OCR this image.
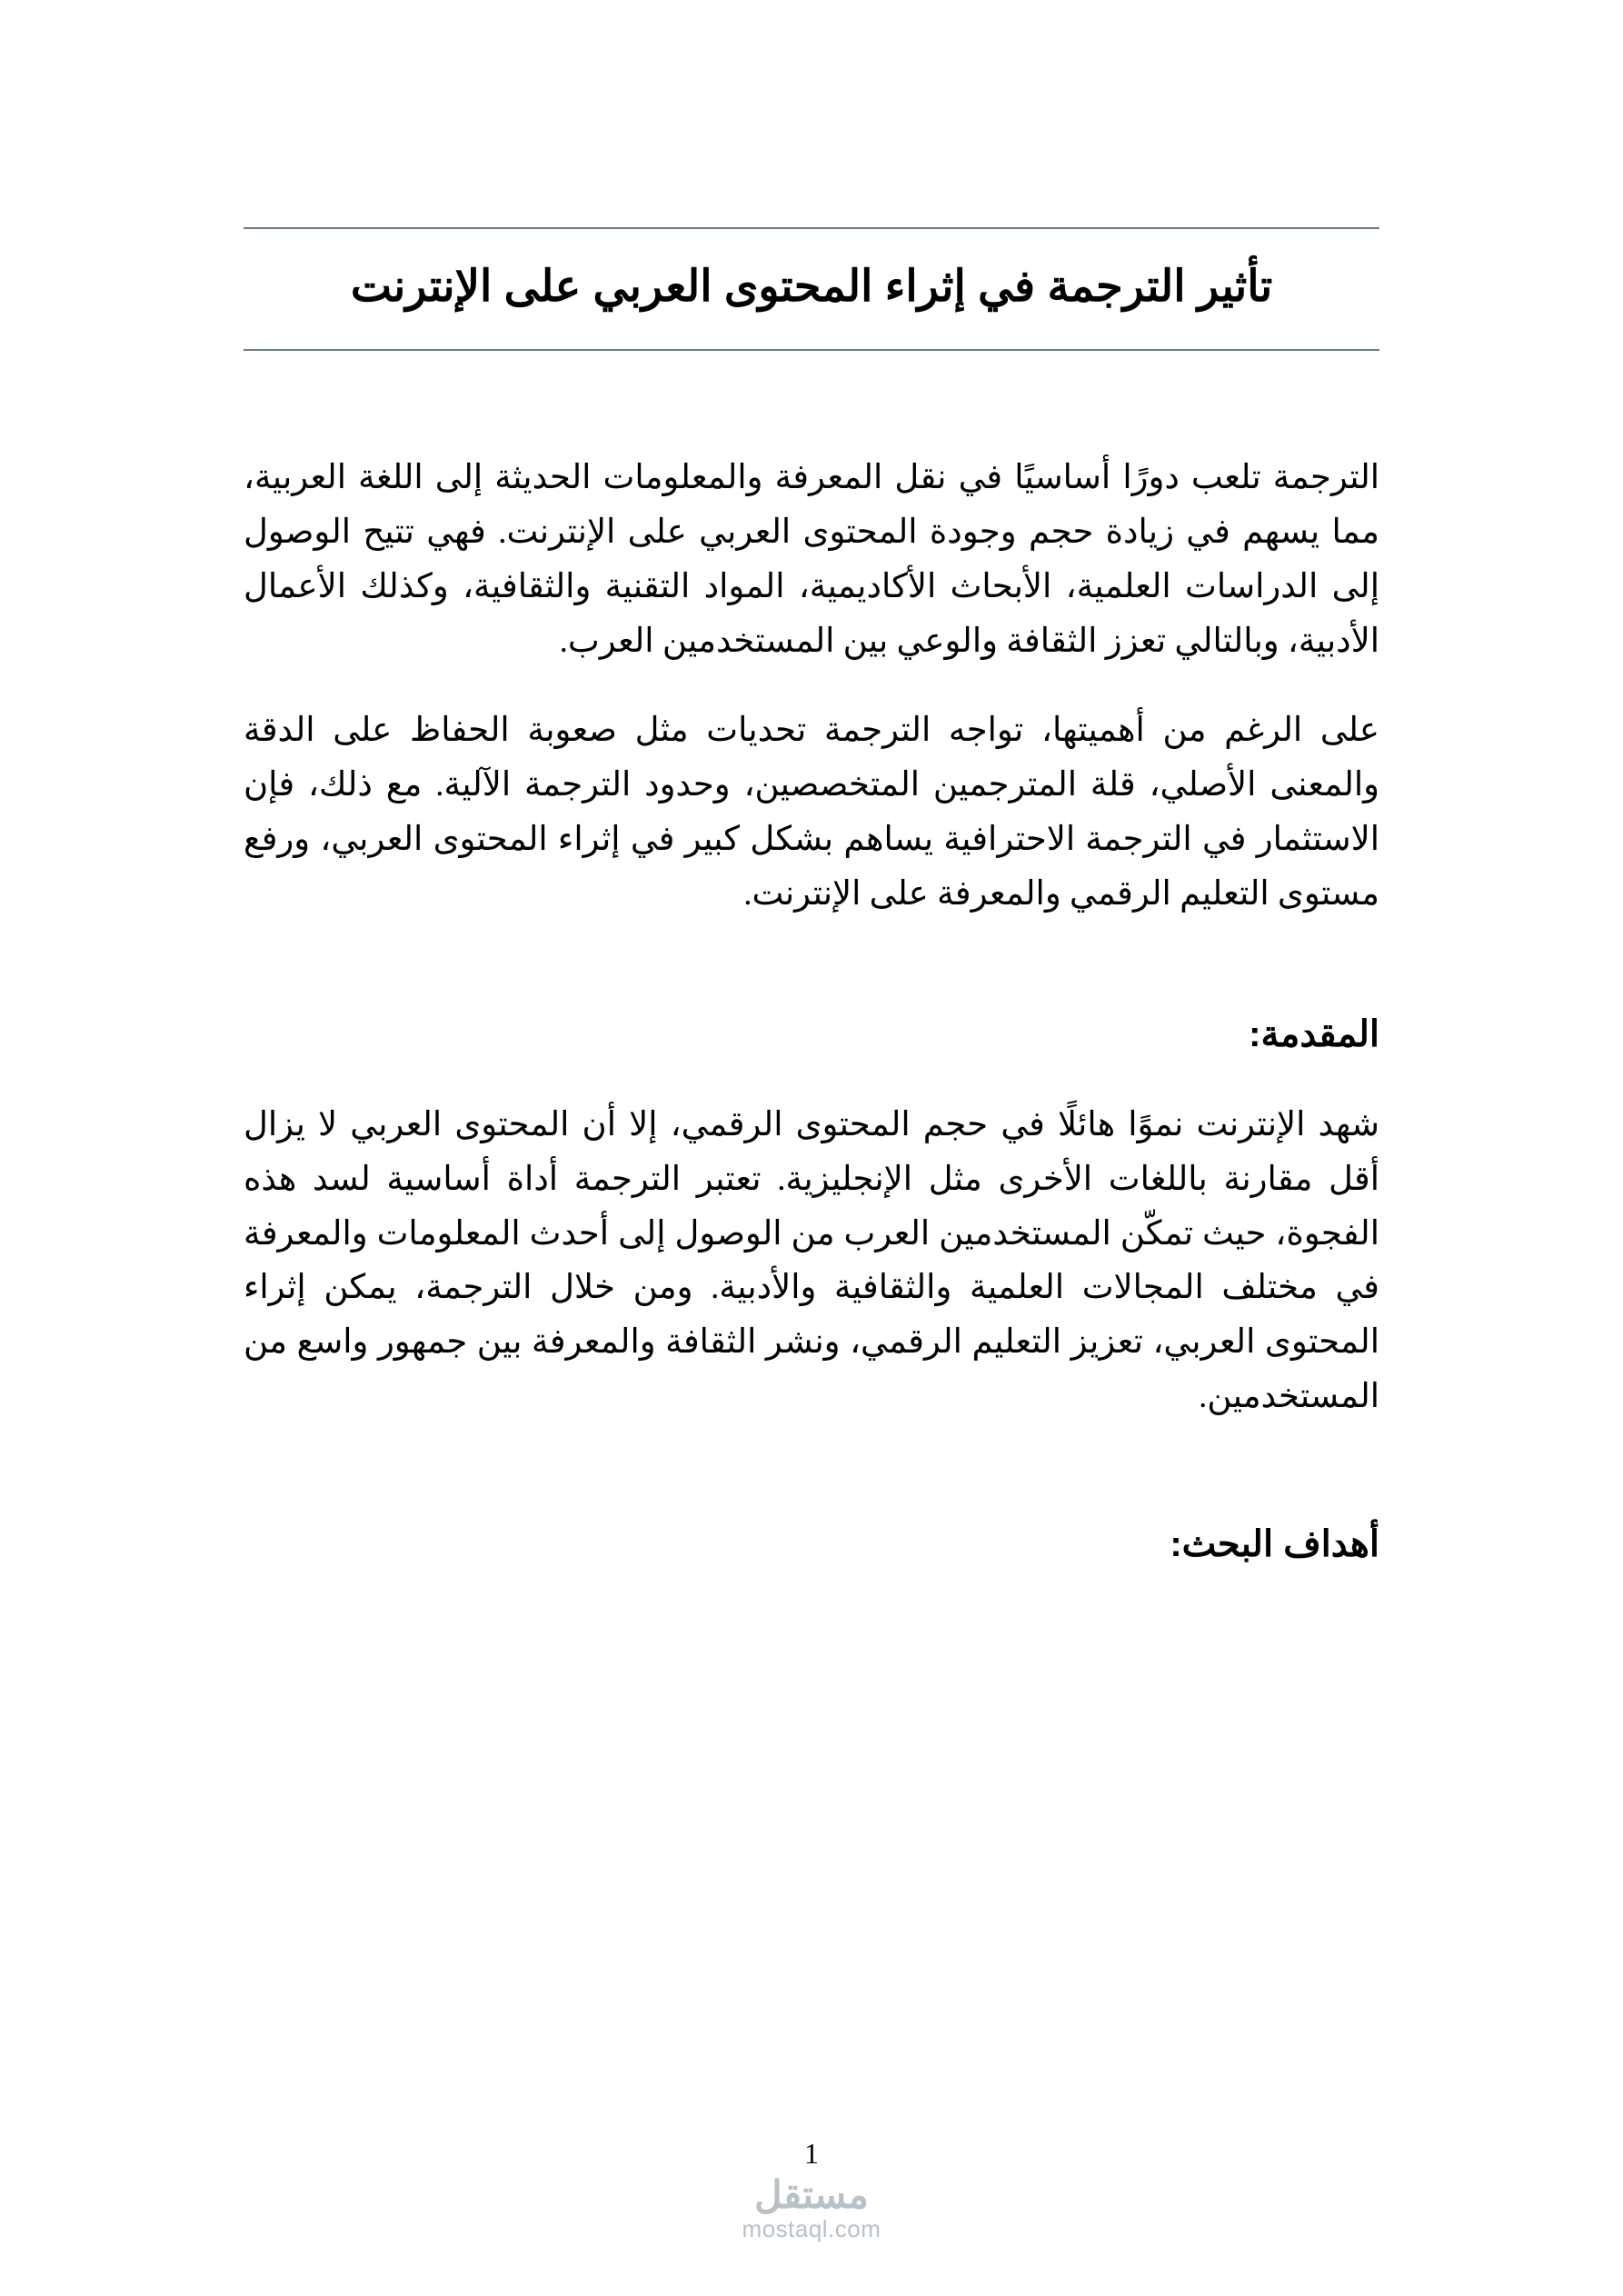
تأثير الترجمة في إثراء المحتوى العربي على الإنترنت

الترجمة تلعب دورًا أساسيًا في نقل المعرفة والمعلومات الحديثة إلى اللغة العربية، مما يسهم في زيادة حجم وجودة المحتوى العربي على الإنترنت. فهي تتيح الوصول إلى الدراسات العلمية، الأبحاث الأكاديمية، المواد التقنية والثقافية، وكذلك الأعمال الأدبية، وبالتالي تعزز الثقافة والوعي بين المستخدمين العرب.

على الرغم من أهميتها، تواجه الترجمة تحديات مثل صعوبة الحفاظ على الدقة والمعنى الأصلي، قلة المترجمين المتخصصين، وحدود الترجمة الآلية. مع ذلك، فإن الاستثمار في الترجمة الاحترافية يساهم بشكل كبير في إثراء المحتوى العربي، ورفع مستوى التعليم الرقمي والمعرفة على الإنترنت.

المقدمة:

شهد الإنترنت نموًا هائلًا في حجم المحتوى الرقمي، إلا أن المحتوى العربي لا يزال أقل مقارنة باللغات الأخرى مثل الإنجليزية. تعتبر الترجمة أداة أساسية لسد هذه الفجوة، حيث تمكّن المستخدمين العرب من الوصول إلى أحدث المعلومات والمعرفة في مختلف المجالات العلمية والثقافية والأدبية. ومن خلال الترجمة، يمكن إثراء المحتوى العربي، تعزيز التعليم الرقمي، ونشر الثقافة والمعرفة بين جمهور واسع من المستخدمين.

أهداف البحث:
1
مستقل
mostaql.com
